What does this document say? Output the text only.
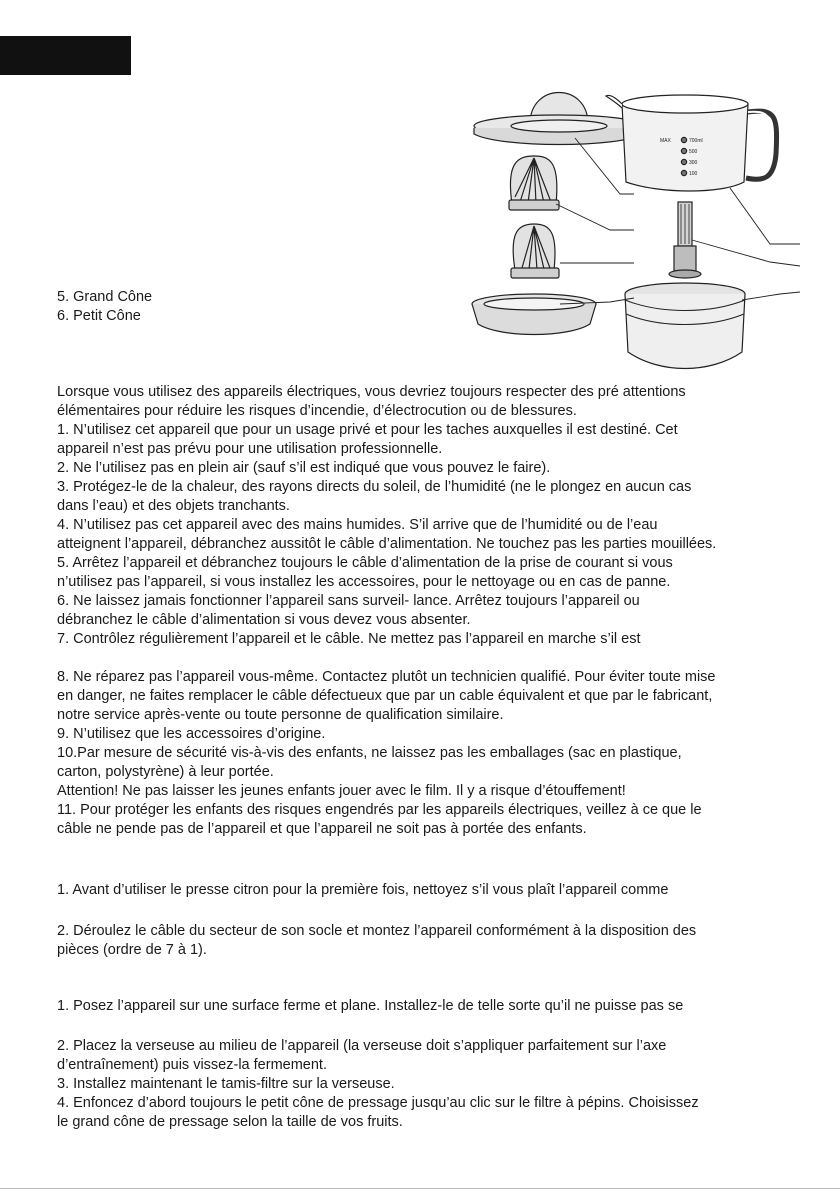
5. Grand Cône
6. Petit Cône
MAX	700ml
500
300
100

Lorsque vous utilisez des appareils électriques, vous devriez toujours respecter des pré attentions

élémentaires pour réduire les risques d’incendie, d’électrocution ou de blessures.

1. N’utilisez cet appareil que pour un usage privé et pour les taches auxquelles il est destiné. Cet

appareil n’est pas prévu pour une utilisation professionnelle.

2. Ne l’utilisez pas en plein air (sauf s’il est indiqué que vous pouvez le faire).

3. Protégez-le de la chaleur, des rayons directs du soleil, de l’humidité (ne le plongez en aucun cas

dans l’eau) et des objets tranchants.

4. N’utilisez pas cet appareil avec des mains humides. S’il arrive que de l’humidité ou de l’eau

atteignent l’appareil, débranchez aussitôt le câble d’alimentation. Ne touchez pas les parties mouillées.

5. Arrêtez l’appareil et débranchez toujours le câble d’alimentation de la prise de courant si vous

n’utilisez pas l’appareil, si vous installez les accessoires, pour le nettoyage ou en cas de panne.

6. Ne laissez jamais fonctionner l’appareil sans surveil- lance. Arrêtez toujours l’appareil ou

débranchez le câble d’alimentation si vous devez vous absenter.

7. Contrôlez régulièrement l’appareil et le câble. Ne mettez pas l’appareil en marche s’il est

8. Ne réparez pas l’appareil vous-même. Contactez plutôt un technicien qualifié. Pour éviter toute mise

en danger, ne faites remplacer le câble défectueux que par un cable équivalent et que par le fabricant,

notre service après-vente ou toute personne de qualification similaire.

9. N’utilisez que les accessoires d’origine.

10.Par mesure de sécurité vis-à-vis des enfants, ne laissez pas les emballages (sac en plastique,

carton, polystyrène) à leur portée.

Attention! Ne pas laisser les jeunes enfants jouer avec le film. Il y a risque d’étouffement!

11. Pour protéger les enfants des risques engendrés par les appareils électriques, veillez à ce que le

câble ne pende pas de l’appareil et que l’appareil ne soit pas à portée des enfants.

1. Avant d’utiliser le presse citron pour la première fois, nettoyez s’il vous plaît l’appareil comme

2. Déroulez le câble du secteur de son socle et montez l’appareil conformément à la disposition des

pièces (ordre de 7 à 1).

1. Posez l’appareil sur une surface ferme et plane. Installez-le de telle sorte qu’il ne puisse pas se

2. Placez la verseuse au milieu de l’appareil (la verseuse doit s’appliquer parfaitement sur l’axe

d’entraînement) puis vissez-la fermement.

3. Installez maintenant le tamis-filtre sur la verseuse.

4. Enfoncez d’abord toujours le petit cône de pressage jusqu’au clic sur le filtre à pépins. Choisissez

le grand cône de pressage selon la taille de vos fruits.
